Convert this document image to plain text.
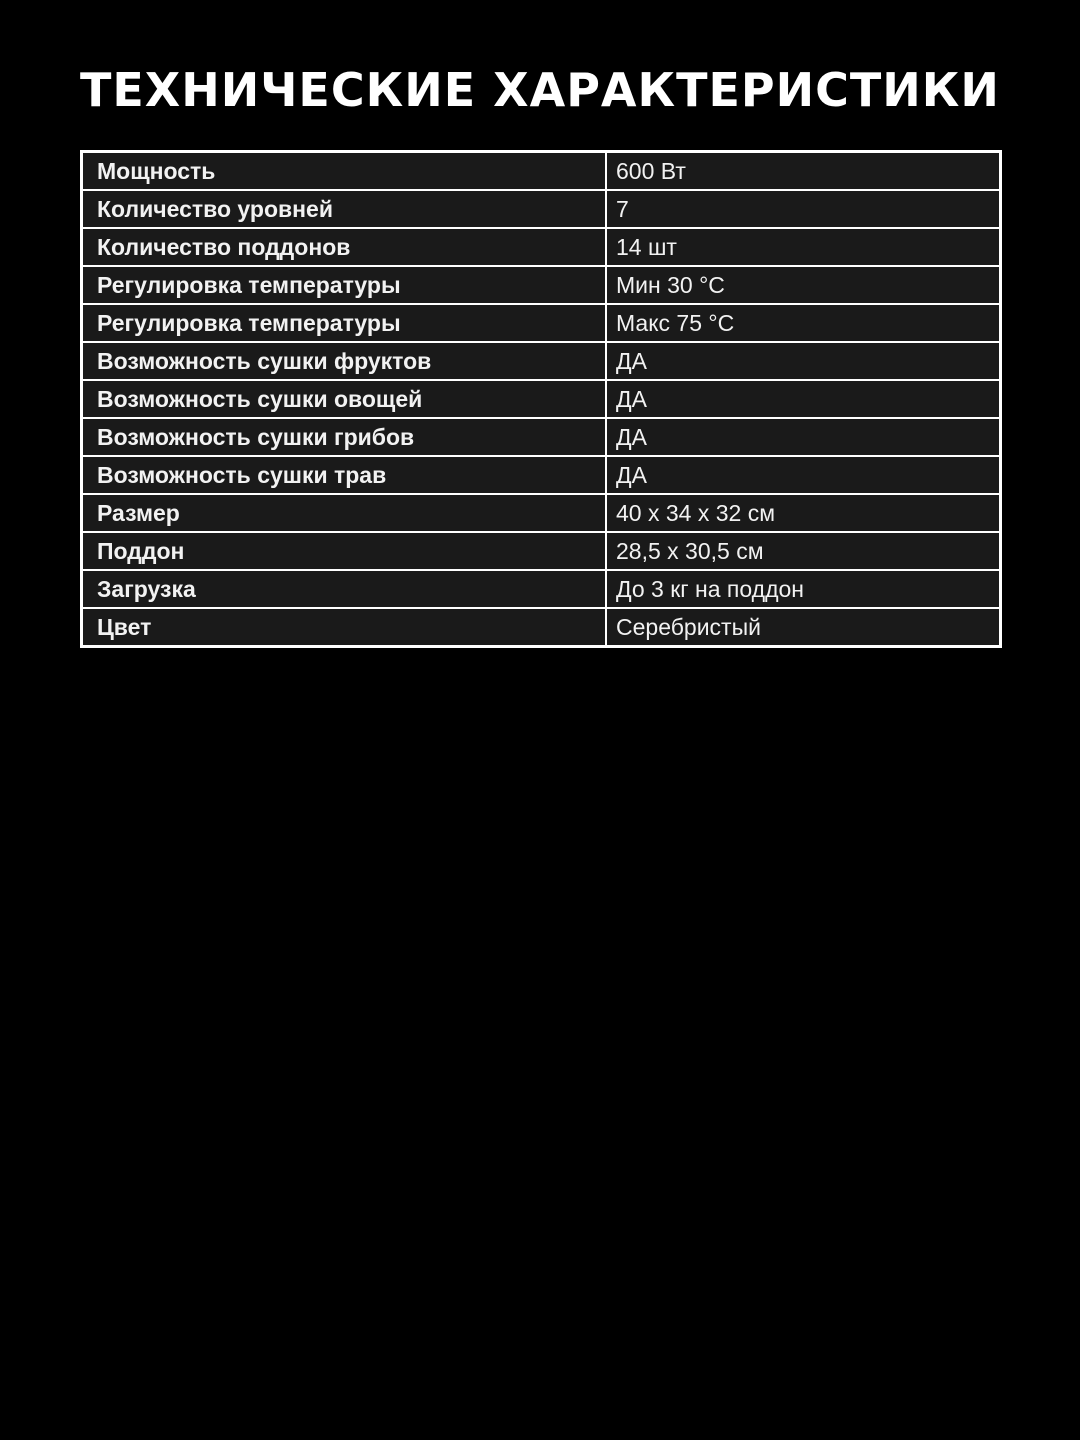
ТЕХНИЧЕСКИЕ ХАРАКТЕРИСТИКИ
Мощность	600 Вт
Количество уровней	7
Количество поддонов	14 шт
Регулировка температуры	Мин 30 °C
Регулировка температуры	Макс 75 °C
Возможность сушки фруктов	ДА
Возможность сушки овощей	ДА
Возможность сушки грибов	ДА
Возможность сушки трав	ДА
Размер	40 х 34 х 32 см
Поддон	28,5 х 30,5 см
Загрузка	До 3 кг на поддон
Цвет	Серебристый
